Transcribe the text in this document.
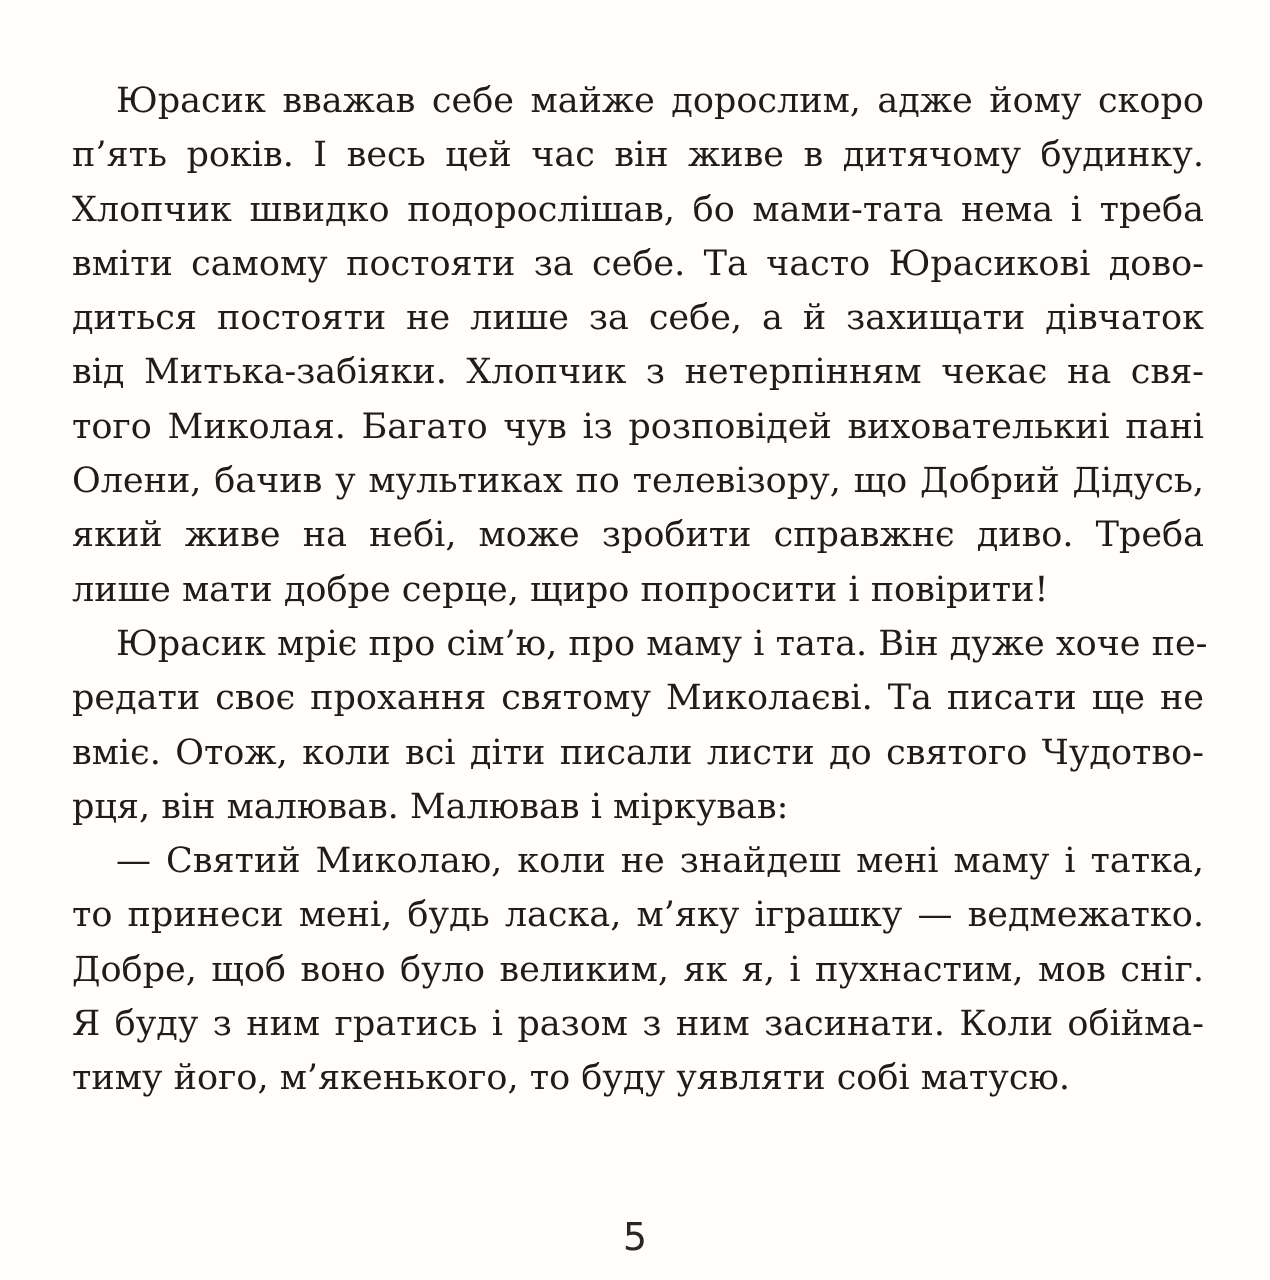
Юрасик вважав себе майже дорослим, адже йому скоро
п’ять років. І весь цей час він живе в дитячому будинку.
Хлопчик швидко подорослішав, бо мами-тата нема і треба
вміти самому постояти за себе. Та часто Юрасикові дово-
диться постояти не лише за себе, а й захищати дівчаток
від Митька-забіяки. Хлопчик з нетерпінням чекає на свя-
того Миколая. Багато чув із розповідей вихователькиi пані
Олени, бачив у мультиках по телевізору, що Добрий Дідусь,
який живе на небі, може зробити справжнє диво. Треба
лише мати добре серце, щиро попросити і повірити!
Юрасик мріє про сім’ю, про маму і тата. Він дуже хоче пе-
редати своє прохання святому Миколаєві. Та писати ще не
вміє. Отож, коли всі діти писали листи до святого Чудотво-
рця, він малював. Малював і міркував:
— Святий Миколаю, коли не знайдеш мені маму і татка,
то принеси мені, будь ласка, м’яку іграшку — ведмежатко.
Добре, щоб воно було великим, як я, і пухнастим, мов сніг.
Я буду з ним гратись і разом з ним засинати. Коли обійма-
тиму його, м’якенького, то буду уявляти собі матусю.
5
